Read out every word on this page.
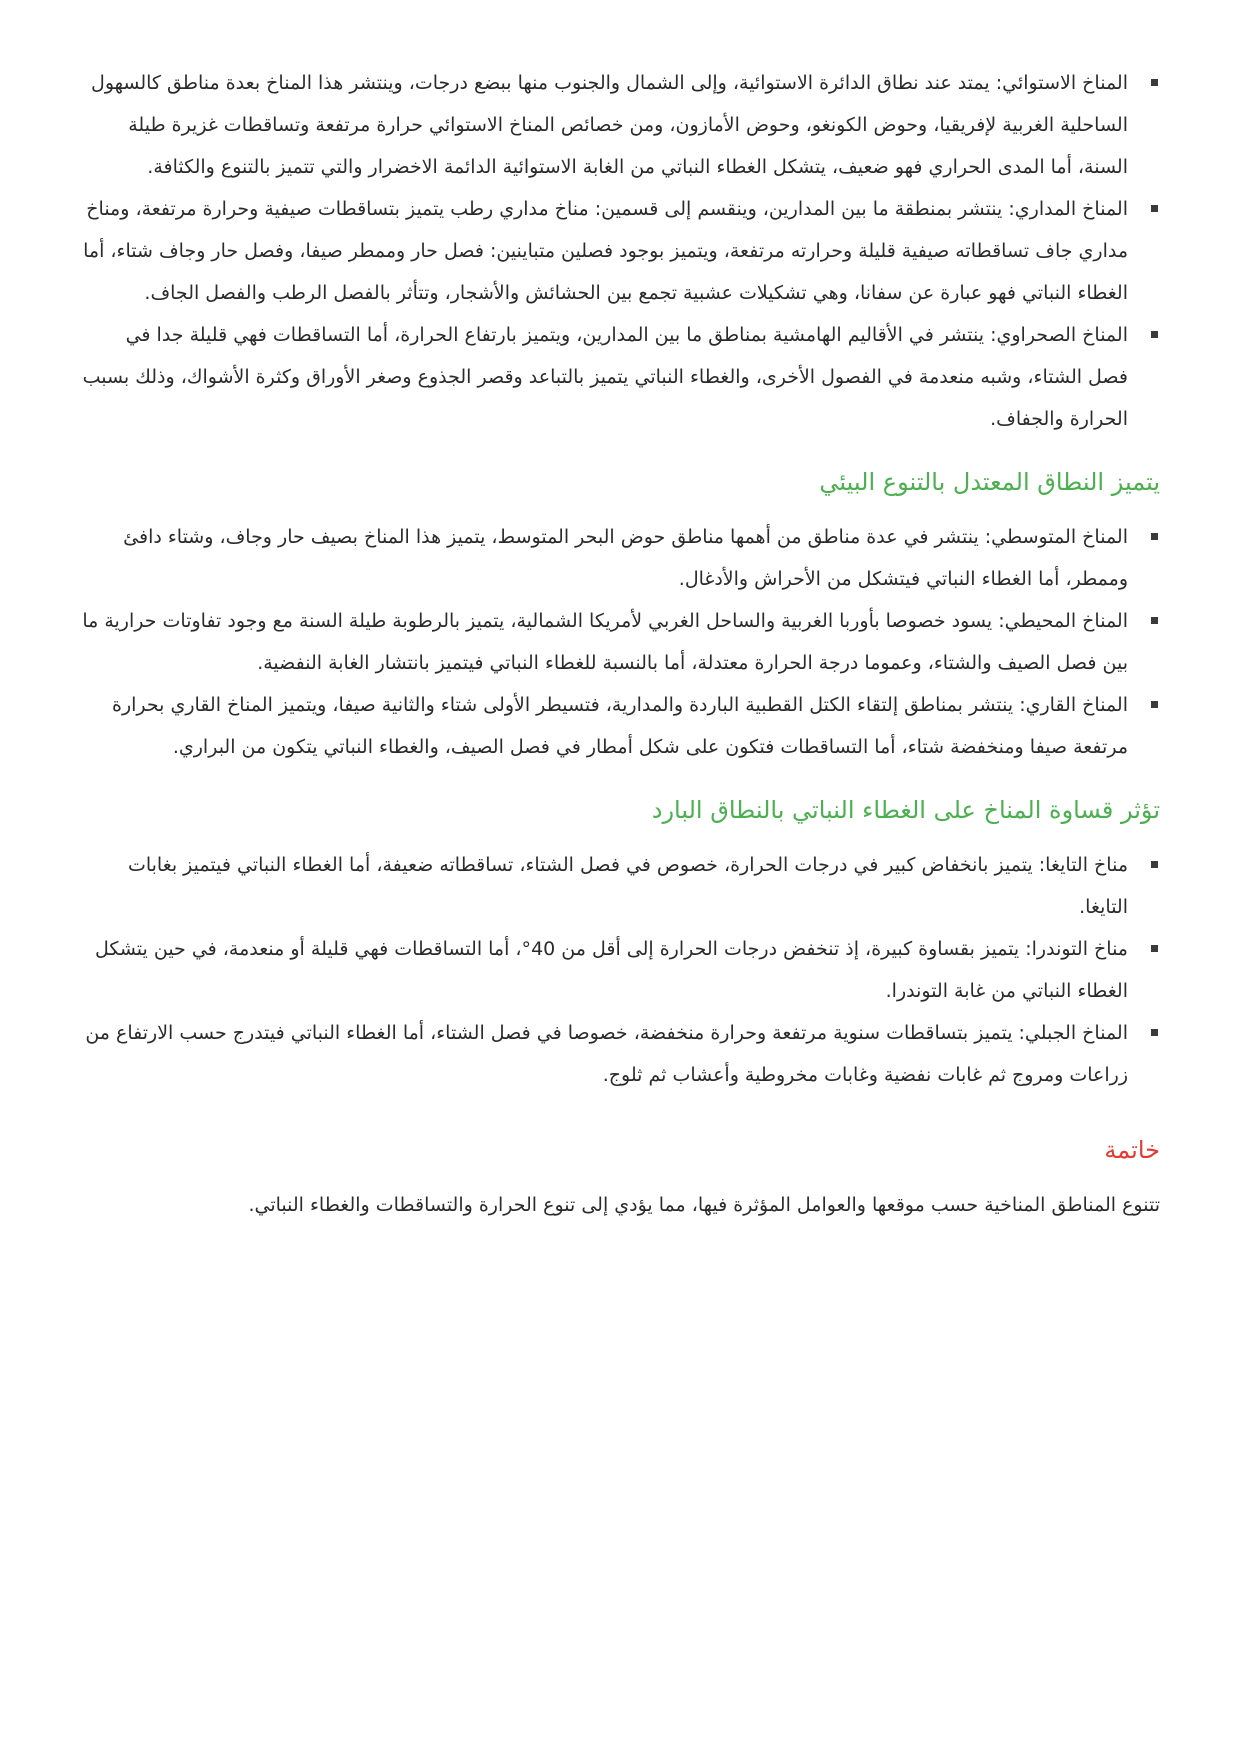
المناخ الاستوائي: يمتد عند نطاق الدائرة الاستوائية، وإلى الشمال والجنوب منها ببضع درجات، وينتشر هذا المناخ بعدة مناطق كالسهول الساحلية الغربية لإفريقيا، وحوض الكونغو، وحوض الأمازون، ومن خصائص المناخ الاستوائي حرارة مرتفعة وتساقطات غزيرة طيلة السنة، أما المدى الحراري فهو ضعيف، يتشكل الغطاء النباتي من الغابة الاستوائية الدائمة الاخضرار والتي تتميز بالتنوع والكثافة.
المناخ المداري: ينتشر بمنطقة ما بين المدارين، وينقسم إلى قسمين: مناخ مداري رطب يتميز بتساقطات صيفية وحرارة مرتفعة، ومناخ مداري جاف تساقطاته صيفية قليلة وحرارته مرتفعة، ويتميز بوجود فصلين متباينين: فصل حار وممطر صيفا، وفصل حار وجاف شتاء، أما الغطاء النباتي فهو عبارة عن سفانا، وهي تشكيلات عشبية تجمع بين الحشائش والأشجار، وتتأثر بالفصل الرطب والفصل الجاف.
المناخ الصحراوي: ينتشر في الأقاليم الهامشية بمناطق ما بين المدارين، ويتميز بارتفاع الحرارة، أما التساقطات فهي قليلة جدا في فصل الشتاء، وشبه منعدمة في الفصول الأخرى، والغطاء النباتي يتميز بالتباعد وقصر الجذوع وصغر الأوراق وكثرة الأشواك، وذلك بسبب الحرارة والجفاف.
يتميز النطاق المعتدل بالتنوع البيئي
المناخ المتوسطي: ينتشر في عدة مناطق من أهمها مناطق حوض البحر المتوسط، يتميز هذا المناخ بصيف حار وجاف، وشتاء دافئ وممطر، أما الغطاء النباتي فيتشكل من الأحراش والأدغال.
المناخ المحيطي: يسود خصوصا بأوربا الغربية والساحل الغربي لأمريكا الشمالية، يتميز بالرطوبة طيلة السنة مع وجود تفاوتات حرارية ما بين فصل الصيف والشتاء، وعموما درجة الحرارة معتدلة، أما بالنسبة للغطاء النباتي فيتميز بانتشار الغابة النفضية.
المناخ القاري: ينتشر بمناطق إلتقاء الكتل القطبية الباردة والمدارية، فتسيطر الأولى شتاء والثانية صيفا، ويتميز المناخ القاري بحرارة مرتفعة صيفا ومنخفضة شتاء، أما التساقطات فتكون على شكل أمطار في فصل الصيف، والغطاء النباتي يتكون من البراري.
تؤثر قساوة المناخ على الغطاء النباتي بالنطاق البارد
مناخ التايغا: يتميز بانخفاض كبير في درجات الحرارة، خصوص في فصل الشتاء، تساقطاته ضعيفة، أما الغطاء النباتي فيتميز بغابات التايغا.
مناخ التوندرا: يتميز بقساوة كبيرة، إذ تنخفض درجات الحرارة إلى أقل من 40°، أما التساقطات فهي قليلة أو منعدمة، في حين يتشكل الغطاء النباتي من غابة التوندرا.
المناخ الجبلي: يتميز بتساقطات سنوية مرتفعة وحرارة منخفضة، خصوصا في فصل الشتاء، أما الغطاء النباتي فيتدرج حسب الارتفاع من زراعات ومروج ثم غابات نفضية وغابات مخروطية وأعشاب ثم ثلوج.
خاتمة

تتنوع المناطق المناخية حسب موقعها والعوامل المؤثرة فيها، مما يؤدي إلى تنوع الحرارة والتساقطات والغطاء النباتي.
